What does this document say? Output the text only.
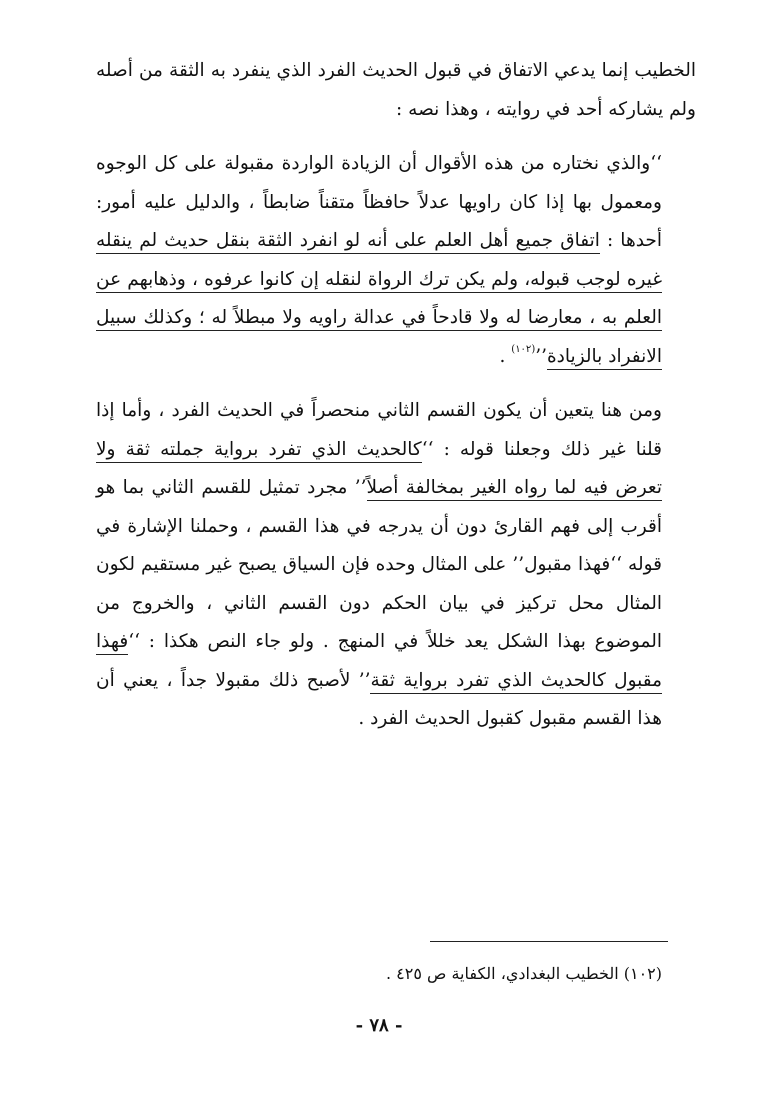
الخطيب إنما يدعي الاتفاق في قبول الحديث الفرد الذي ينفرد به الثقة من أصله ولم يشاركه أحد في روايته ، وهذا نصه :

‘‘والذي نختاره من هذه الأقوال أن الزيادة الواردة مقبولة على كل الوجوه ومعمول بها إذا كان راويها عدلاً حافظاً متقناً ضابطاً ، والدليل عليه أمور: أحدها : اتفاق جميع أهل العلم على أنه لو انفرد الثقة بنقل حديث لم ينقله غيره لوجب قبوله، ولم يكن ترك الرواة لنقله إن كانوا عرفوه ، وذهابهم عن العلم به ، معارضا له ولا قادحاً في عدالة راويه ولا مبطلاً له ؛ وكذلك سبيل الانفراد بالزيادة’’$^{(١٠٢)}$ .

ومن هنا يتعين أن يكون القسم الثاني منحصراً في الحديث الفرد ، وأما إذا قلنا غير ذلك وجعلنا قوله : ‘‘كالحديث الذي تفرد برواية جملته ثقة ولا تعرض فيه لما رواه الغير بمخالفة أصلاً’’ مجرد تمثيل للقسم الثاني بما هو أقرب إلى فهم القارئ دون أن يدرجه في هذا القسم ، وحملنا الإشارة في قوله ‘‘فهذا مقبول’’ على المثال وحده فإن السياق يصبح غير مستقيم لكون المثال محل تركيز في بيان الحكم دون القسم الثاني ، والخروج من الموضوع بهذا الشكل يعد خللاً في المنهج . ولو جاء النص هكذا : ‘‘فهذا مقبول كالحديث الذي تفرد برواية ثقة’’ لأصبح ذلك مقبولا جداً ، يعني أن هذا القسم مقبول كقبول الحديث الفرد .

(١٠٢) الخطيب البغدادي، الكفاية ص ٤٢٥ .
- ٧٨ -
